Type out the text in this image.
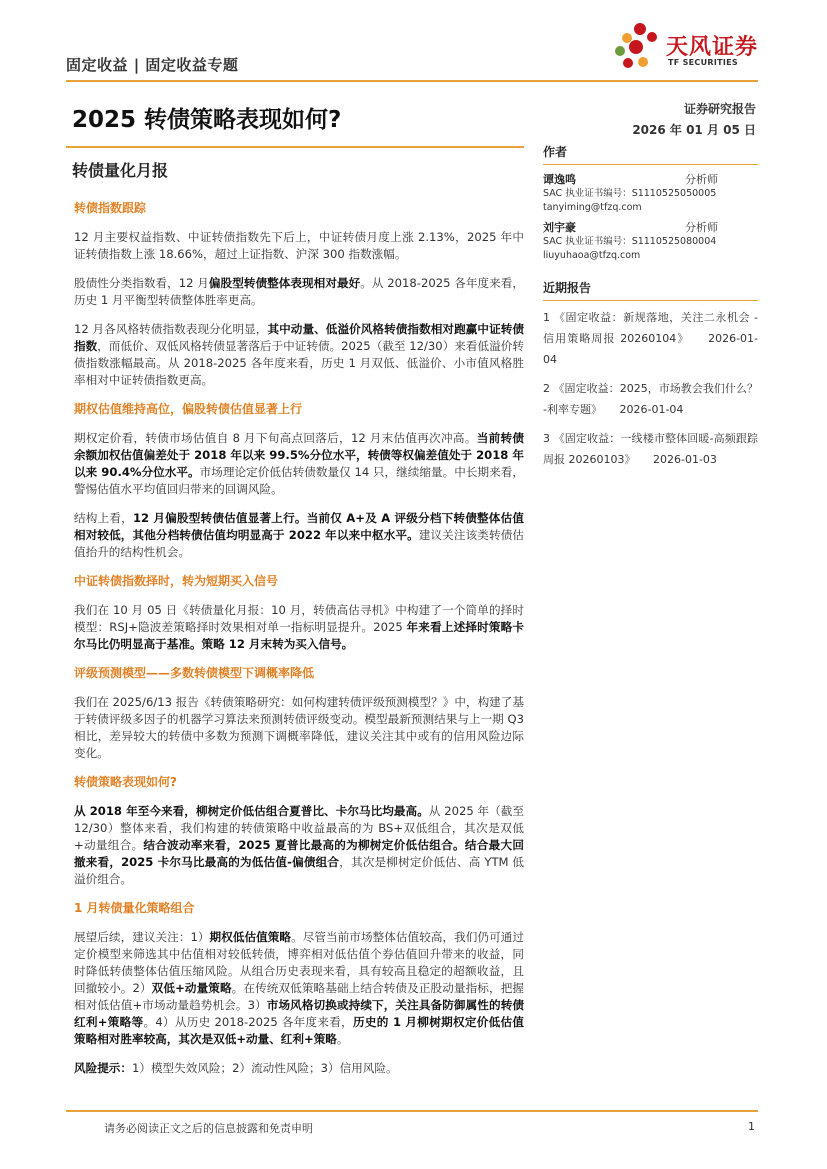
固定收益 | 固定收益专题
天风证券
TF SECURITIES
2025 转债策略表现如何?	证券研究报告
2026 年 01 月 05 日
转债量化月报
转债指数跟踪

12 月主要权益指数、中证转债指数先下后上，中证转债月度上涨 2.13%，2025 年中证转债指数上涨 18.66%，超过上证指数、沪深 300 指数涨幅。

股债性分类指数看，12 月偏股型转债整体表现相对最好。从 2018-2025 各年度来看，历史 1 月平衡型转债整体胜率更高。

12 月各风格转债指数表现分化明显，其中动量、低溢价风格转债指数相对跑赢中证转债指数，而低价、双低风格转债显著落后于中证转债。2025（截至 12/30）来看低溢价转债指数涨幅最高。从 2018-2025 各年度来看，历史 1 月双低、低溢价、小市值风格胜率相对中证转债指数更高。

期权估值维持高位，偏股转债估值显著上行

期权定价看，转债市场估值自 8 月下旬高点回落后，12 月末估值再次冲高。当前转债余额加权估值偏差处于 2018 年以来 99.5%分位水平，转债等权偏差值处于 2018 年以来 90.4%分位水平。市场理论定价低估转债数量仅 14 只，继续缩量。中长期来看，警惕估值水平均值回归带来的回调风险。

结构上看，12 月偏股型转债估值显著上行。当前仅 A+及 A 评级分档下转债整体估值相对较低，其他分档转债估值均明显高于 2022 年以来中枢水平。建议关注该类转债估值抬升的结构性机会。

中证转债指数择时，转为短期买入信号

我们在 10 月 05 日《转债量化月报：10 月，转债高估寻机》中构建了一个简单的择时模型：RSJ+隐波差策略择时效果相对单一指标明显提升。2025 年来看上述择时策略卡尔马比仍明显高于基准。策略 12 月末转为买入信号。

评级预测模型——多数转债模型下调概率降低

我们在 2025/6/13 报告《转债策略研究：如何构建转债评级预测模型？》中，构建了基于转债评级多因子的机器学习算法来预测转债评级变动。模型最新预测结果与上一期 Q3 相比，差异较大的转债中多数为预测下调概率降低，建议关注其中或有的信用风险边际变化。

转债策略表现如何?

从 2018 年至今来看，柳树定价低估组合夏普比、卡尔马比均最高。从 2025 年（截至 12/30）整体来看，我们构建的转债策略中收益最高的为 BS+双低组合，其次是双低+动量组合。结合波动率来看，2025 夏普比最高的为柳树定价低估组合。结合最大回撤来看，2025 卡尔马比最高的为低估值-偏债组合，其次是柳树定价低估、高 YTM 低溢价组合。

1 月转债量化策略组合

展望后续，建议关注：1）期权低估值策略。尽管当前市场整体估值较高，我们仍可通过定价模型来筛选其中估值相对较低转债，博弈相对低估值个券估值回升带来的收益，同时降低转债整体估值压缩风险。从组合历史表现来看，具有较高且稳定的超额收益，且回撤较小。2）双低+动量策略。在传统双低策略基础上结合转债及正股动量指标，把握相对低估值+市场动量趋势机会。3）市场风格切换或持续下，关注具备防御属性的转债红利+策略等。4）从历史 2018-2025 各年度来看，历史的 1 月柳树期权定价低估值策略相对胜率较高，其次是双低+动量、红利+策略。

风险提示：1）模型失效风险；2）流动性风险；3）信用风险。

作者
谭逸鸣	分析师
SAC 执业证书编号：S1110525050005
tanyiming@tfzq.com
刘宇豪	分析师
SAC 执业证书编号：S1110525080004
liuyuhaoa@tfzq.com
近期报告
1 《固定收益：新规落地，关注二永机会 - 信用策略周报 20260104》 2026-01-04
2 《固定收益：2025，市场教会我们什么？ -利率专题》 2026-01-04
3 《固定收益：一线楼市整体回暖-高频跟踪周报 20260103》 2026-01-03
请务必阅读正文之后的信息披露和免责申明	1
